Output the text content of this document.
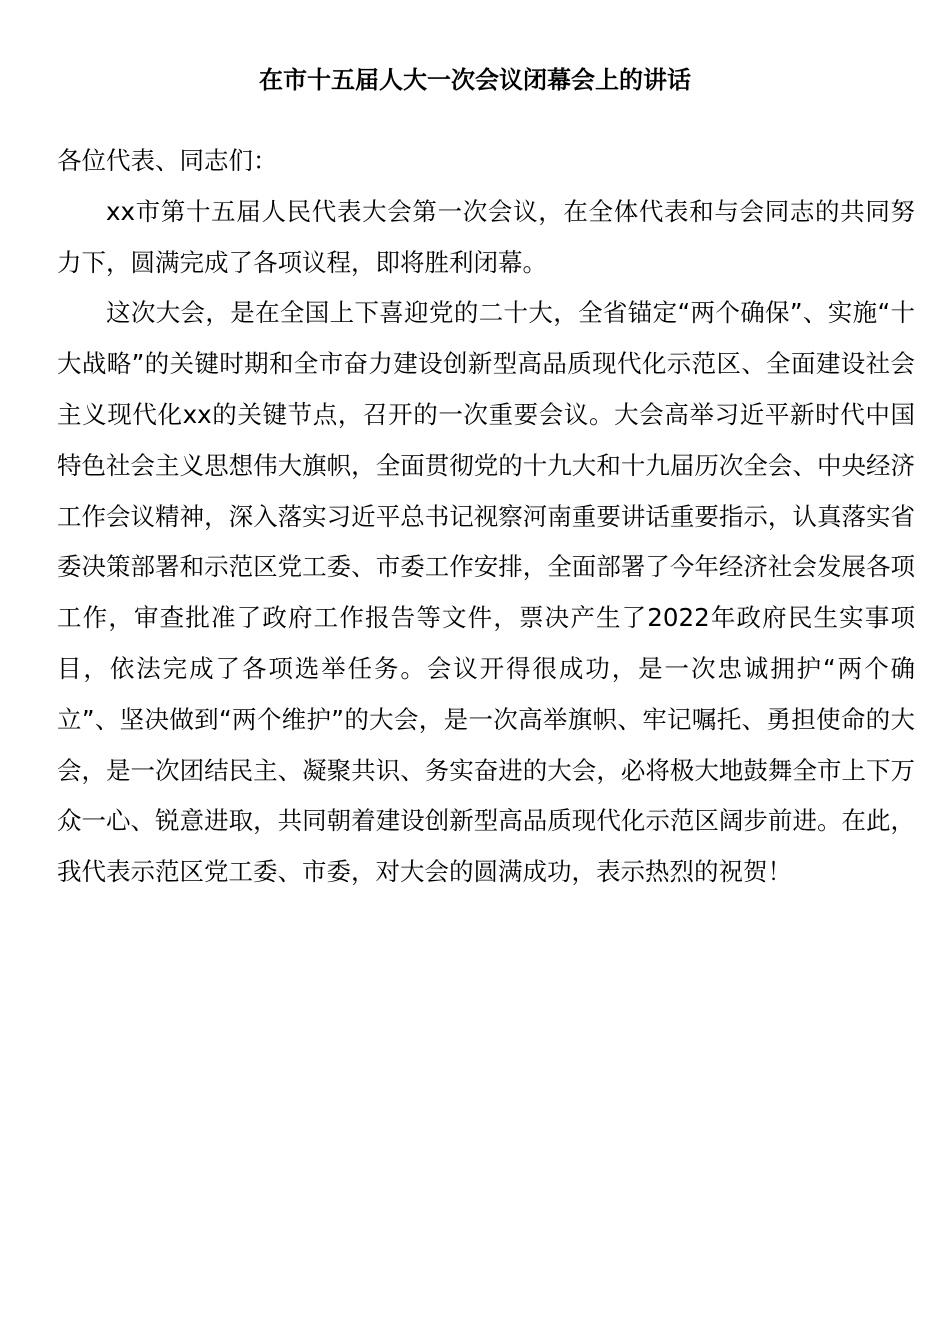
在市十五届人大一次会议闭幕会上的讲话

各位代表、同志们：

xx市第十五届人民代表大会第一次会议，在全体代表和与会同志的共同努力下，圆满完成了各项议程，即将胜利闭幕。

这次大会，是在全国上下喜迎党的二十大，全省锚定“两个确保”、实施“十大战略”的关键时期和全市奋力建设创新型高品质现代化示范区、全面建设社会主义现代化xx的关键节点，召开的一次重要会议。大会高举习近平新时代中国特色社会主义思想伟大旗帜，全面贯彻党的十九大和十九届历次全会、中央经济工作会议精神，深入落实习近平总书记视察河南重要讲话重要指示，认真落实省委决策部署和示范区党工委、市委工作安排，全面部署了今年经济社会发展各项工作，审查批准了政府工作报告等文件，票决产生了2022年政府民生实事项目，依法完成了各项选举任务。会议开得很成功，是一次忠诚拥护“两个确立”、坚决做到“两个维护”的大会，是一次高举旗帜、牢记嘱托、勇担使命的大会，是一次团结民主、凝聚共识、务实奋进的大会，必将极大地鼓舞全市上下万众一心、锐意进取，共同朝着建设创新型高品质现代化示范区阔步前进。在此，我代表示范区党工委、市委，对大会的圆满成功，表示热烈的祝贺！
